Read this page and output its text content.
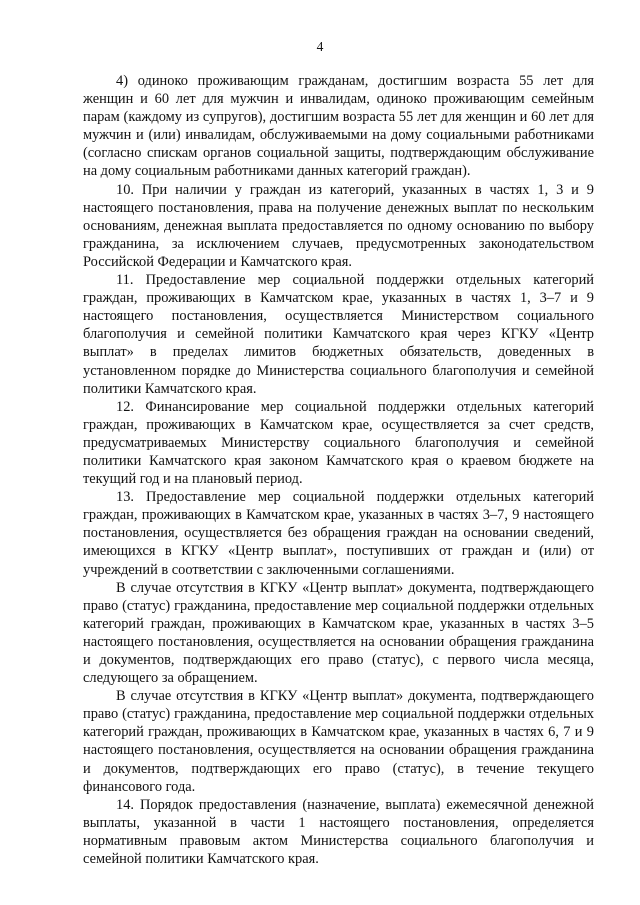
4

4) одиноко проживающим гражданам, достигшим возраста 55 лет для женщин и 60 лет для мужчин и инвалидам, одиноко проживающим семейным парам (каждому из супругов), достигшим возраста 55 лет для женщин и 60 лет для мужчин и (или) инвалидам, обслуживаемыми на дому социальными работниками (согласно спискам органов социальной защиты, подтверждающим обслуживание на дому социальным работниками данных категорий граждан).

10. При наличии у граждан из категорий, указанных в частях 1, 3 и 9 настоящего постановления, права на получение денежных выплат по нескольким основаниям, денежная выплата предоставляется по одному основанию по выбору гражданина, за исключением случаев, предусмотренных законодательством Российской Федерации и Камчатского края.

11. Предоставление мер социальной поддержки отдельных категорий граждан, проживающих в Камчатском крае, указанных в частях 1, 3–7 и 9 настоящего постановления, осуществляется Министерством социального благополучия и семейной политики Камчатского края через КГКУ «Центр выплат» в пределах лимитов бюджетных обязательств, доведенных в установленном порядке до Министерства социального благополучия и семейной политики Камчатского края.

12. Финансирование мер социальной поддержки отдельных категорий граждан, проживающих в Камчатском крае, осуществляется за счет средств, предусматриваемых Министерству социального благополучия и семейной политики Камчатского края законом Камчатского края о краевом бюджете на текущий год и на плановый период.

13. Предоставление мер социальной поддержки отдельных категорий граждан, проживающих в Камчатском крае, указанных в частях 3–7, 9 настоящего постановления, осуществляется без обращения граждан на основании сведений, имеющихся в КГКУ «Центр выплат», поступивших от граждан и (или) от учреждений в соответствии с заключенными соглашениями.

В случае отсутствия в КГКУ «Центр выплат» документа, подтверждающего право (статус) гражданина, предоставление мер социальной поддержки отдельных категорий граждан, проживающих в Камчатском крае, указанных в частях 3–5 настоящего постановления, осуществляется на основании обращения гражданина и документов, подтверждающих его право (статус), с первого числа месяца, следующего за обращением.

В случае отсутствия в КГКУ «Центр выплат» документа, подтверждающего право (статус) гражданина, предоставление мер социальной поддержки отдельных категорий граждан, проживающих в Камчатском крае, указанных в частях 6, 7 и 9 настоящего постановления, осуществляется на основании обращения гражданина и документов, подтверждающих его право (статус), в течение текущего финансового года.

14. Порядок предоставления (назначение, выплата) ежемесячной денежной выплаты, указанной в части 1 настоящего постановления, определяется нормативным правовым актом Министерства социального благополучия и семейной политики Камчатского края.
